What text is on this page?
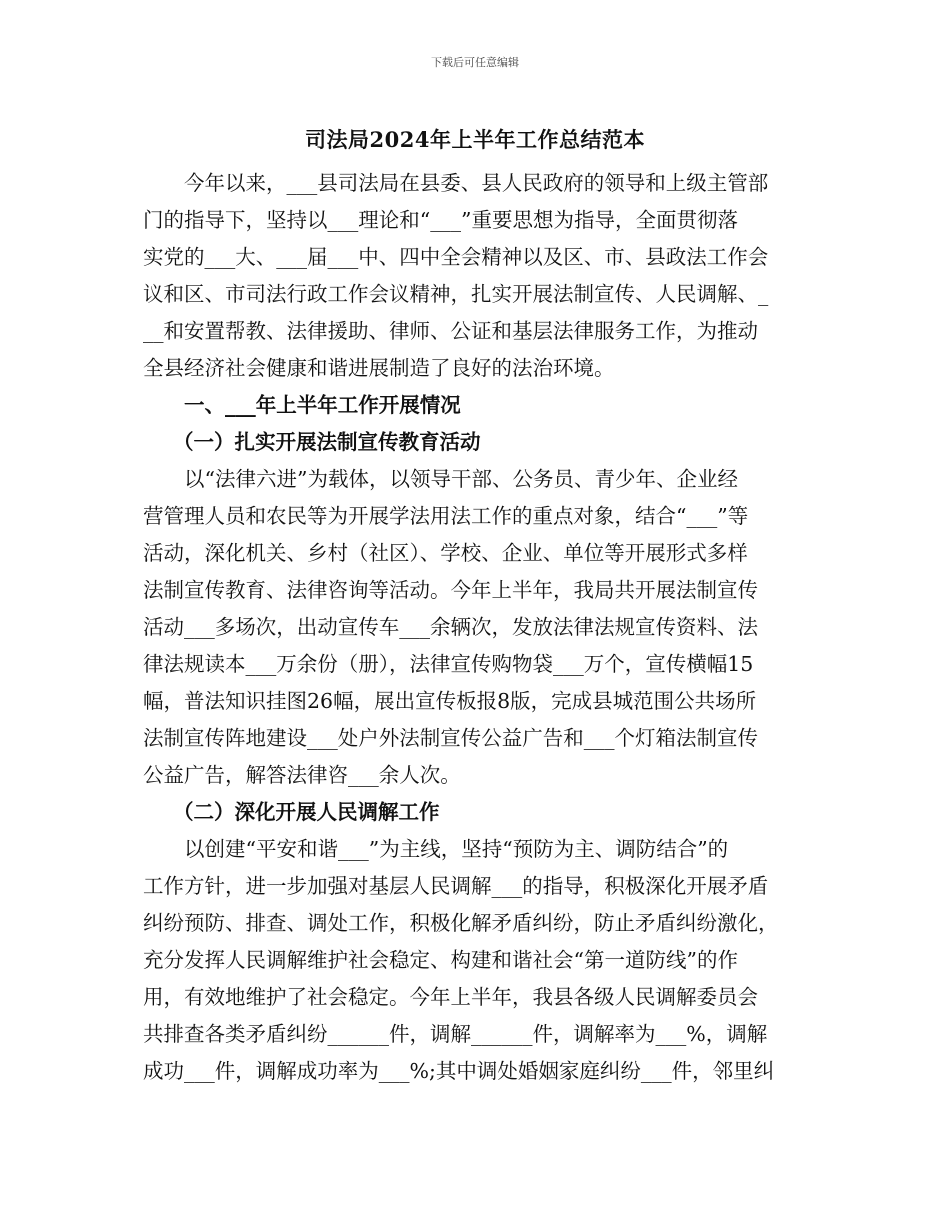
下载后可任意编辑
司法局2024年上半年工作总结范本
今年以来，___县司法局在县委、县人民政府的领导和上级主管部
门的指导下，坚持以___理论和“___”重要思想为指导，全面贯彻落
实党的___大、___届___中、四中全会精神以及区、市、县政法工作会
议和区、市司法行政工作会议精神，扎实开展法制宣传、人民调解、_
__和安置帮教、法律援助、律师、公证和基层法律服务工作，为推动
全县经济社会健康和谐进展制造了良好的法治环境。
一、___年上半年工作开展情况
（一）扎实开展法制宣传教育活动
以“法律六进”为载体，以领导干部、公务员、青少年、企业经
营管理人员和农民等为开展学法用法工作的重点对象，结合“___”等
活动，深化机关、乡村（社区）、学校、企业、单位等开展形式多样
法制宣传教育、法律咨询等活动。今年上半年，我局共开展法制宣传
活动___多场次，出动宣传车___余辆次，发放法律法规宣传资料、法
律法规读本___万余份（册），法律宣传购物袋___万个，宣传横幅15
幅，普法知识挂图26幅，展出宣传板报8版，完成县城范围公共场所
法制宣传阵地建设___处户外法制宣传公益广告和___个灯箱法制宣传
公益广告，解答法律咨___余人次。
（二）深化开展人民调解工作
以创建“平安和谐___”为主线，坚持“预防为主、调防结合”的
工作方针，进一步加强对基层人民调解___的指导，积极深化开展矛盾
纠纷预防、排查、调处工作，积极化解矛盾纠纷，防止矛盾纠纷激化，
充分发挥人民调解维护社会稳定、构建和谐社会“第一道防线”的作
用，有效地维护了社会稳定。今年上半年，我县各级人民调解委员会
共排查各类矛盾纠纷______件，调解______件，调解率为___%，调解
成功___件，调解成功率为___%;其中调处婚姻家庭纠纷___件，邻里纠
